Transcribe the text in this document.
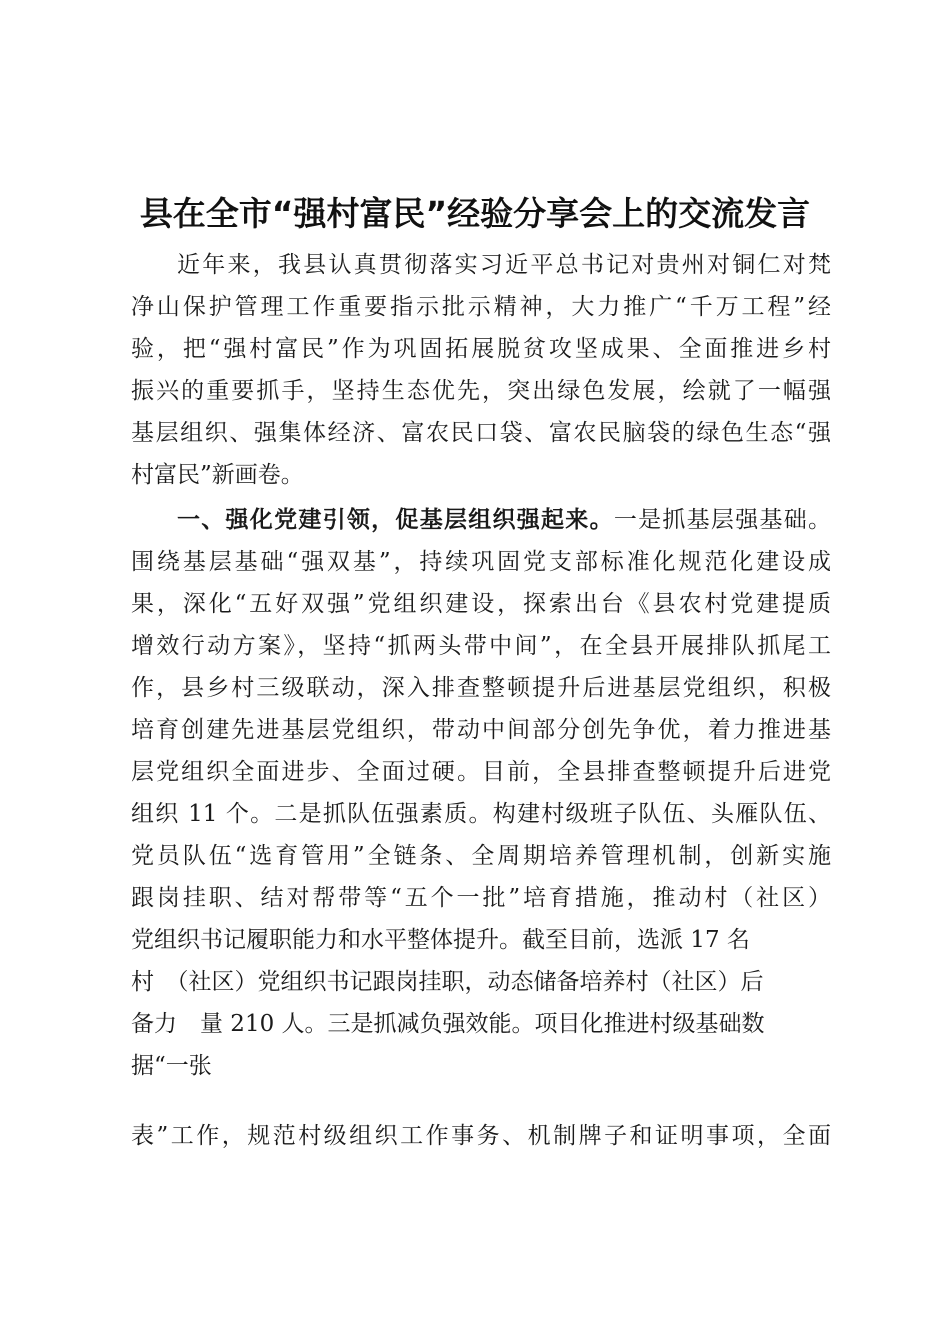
县在全市“强村富民”经验分享会上的交流发言

近年来，我县认真贯彻落实习近平总书记对贵州对铜仁对梵

净山保护管理工作重要指示批示精神，大力推广“千万工程”经

验，把“强村富民”作为巩固拓展脱贫攻坚成果、全面推进乡村

振兴的重要抓手，坚持生态优先，突出绿色发展，绘就了一幅强

基层组织、强集体经济、富农民口袋、富农民脑袋的绿色生态“强

村富民”新画卷。

一、强化党建引领，促基层组织强起来。一是抓基层强基础。

围绕基层基础“强双基”，持续巩固党支部标准化规范化建设成

果，深化“五好双强”党组织建设，探索出台《县农村党建提质

增效行动方案》，坚持“抓两头带中间”，在全县开展排队抓尾工

作，县乡村三级联动，深入排查整顿提升后进基层党组织，积极

培育创建先进基层党组织，带动中间部分创先争优，着力推进基

层党组织全面进步、全面过硬。目前，全县排查整顿提升后进党

组织 11 个。二是抓队伍强素质。构建村级班子队伍、头雁队伍、

党员队伍“选育管用”全链条、全周期培养管理机制，创新实施

跟岗挂职、结对帮带等“五个一批”培育措施，推动村（社区）

党组织书记履职能力和水平整体提升。截至目前，选派 17 名

村　（社区）党组织书记跟岗挂职，动态储备培养村（社区）后

备力　量 210 人。三是抓减负强效能。项目化推进村级基础数

据“一张

表”工作，规范村级组织工作事务、机制牌子和证明事项，全面
